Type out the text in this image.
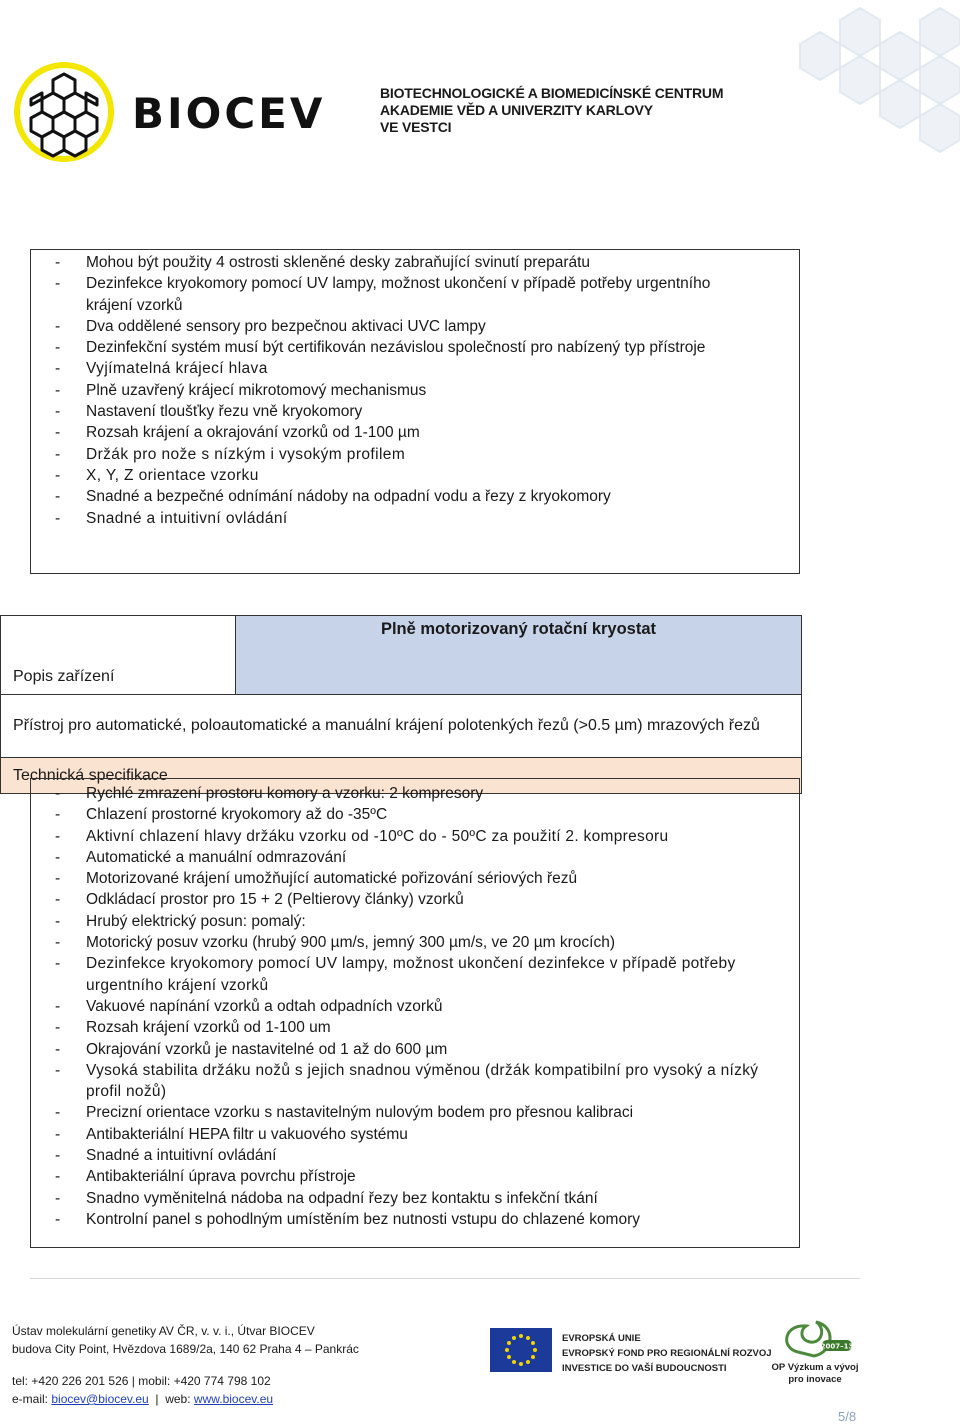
BIOCEV	BIOTECHNOLOGICKÉ A BIOMEDICÍNSKÉ CENTRUM
AKADEMIE VĚD A UNIVERZITY KARLOVY
VE VESTCI
- Mohou být použity 4 ostrosti skleněné desky zabraňující svinutí preparátu
- Dezinfekce kryokomory pomocí UV lampy, možnost ukončení v případě potřeby urgentního krájení vzorků
- Dva oddělené sensory pro bezpečnou aktivaci UVC lampy
- Dezinfekční systém musí být certifikován nezávislou společností pro nabízený typ přístroje
- Vyjímatelná krájecí hlava
- Plně uzavřený krájecí mikrotomový mechanismus
- Nastavení tloušťky řezu vně kryokomory
- Rozsah krájení a okrajování vzorků od 1-100 µm
- Držák pro nože s nízkým i vysokým profilem
- X, Y, Z orientace vzorku
- Snadné a bezpečné odnímání nádoby na odpadní vodu a řezy z kryokomory
- Snadné a intuitivní ovládání
Popis zařízení	Plně motorizovaný rotační kryostat
Přístroj pro automatické, poloautomatické a manuální krájení polotenkých řezů (>0.5 µm) mrazových řezů
Technická specifikace
- Rychlé zmrazení prostoru komory a vzorku: 2 kompresory
- Chlazení prostorné kryokomory až do -35ºC
- Aktivní chlazení hlavy držáku vzorku od -10ºC do - 50ºC za použití 2. kompresoru
- Automatické a manuální odmrazování
- Motorizované krájení umožňující automatické pořizování sériových řezů
- Odkládací prostor pro 15 + 2 (Peltierovy články) vzorků
- Hrubý elektrický posun: pomalý:
- Motorický posuv vzorku (hrubý 900 µm/s, jemný 300 µm/s, ve 20 µm krocích)
- Dezinfekce kryokomory pomocí UV lampy, možnost ukončení dezinfekce v případě potřeby urgentního krájení vzorků
- Vakuové napínání vzorků a odtah odpadních vzorků
- Rozsah krájení vzorků od 1-100 um
- Okrajování vzorků je nastavitelné od 1 až do 600 µm
- Vysoká stabilita držáku nožů s jejich snadnou výměnou (držák kompatibilní pro vysoký a nízký profil nožů)
- Precizní orientace vzorku s nastavitelným nulovým bodem pro přesnou kalibraci
- Antibakteriální HEPA filtr u vakuového systému
- Snadné a intuitivní ovládání
- Antibakteriální úprava povrchu přístroje
- Snadno vyměnitelná nádoba na odpadní řezy bez kontaktu s infekční tkání
- Kontrolní panel s pohodlným umístěním bez nutnosti vstupu do chlazené komory
Ústav molekulární genetiky AV ČR, v. v. i., Útvar BIOCEV
budova City Point, Hvězdova 1689/2a, 140 62 Praha 4 – Pankrác
tel: +420 226 201 526 | mobil: +420 774 798 102
e-mail: biocev@biocev.eu  |  web: www.biocev.eu
EVROPSKÁ UNIE
EVROPSKÝ FOND PRO REGIONÁLNÍ ROZVOJ
INVESTICE DO VAŠÍ BUDOUCNOSTI
2007–13
OP Výzkum a vývoj
pro inovace
5/8
